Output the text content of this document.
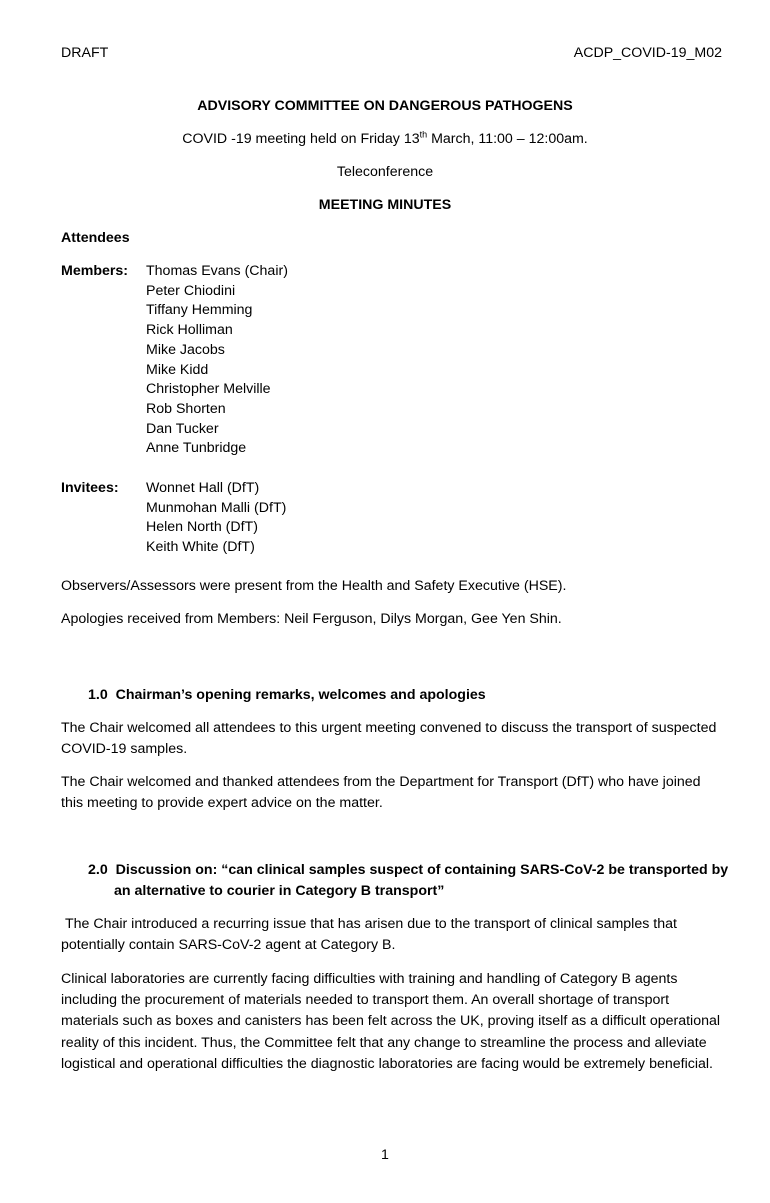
DRAFT	ACDP_COVID-19_M02
ADVISORY COMMITTEE ON DANGEROUS PATHOGENS
COVID -19 meeting held on Friday 13th March, 11:00 – 12:00am.
Teleconference
MEETING MINUTES
Attendees
Members: Thomas Evans (Chair)
Peter Chiodini
Tiffany Hemming
Rick Holliman
Mike Jacobs
Mike Kidd
Christopher Melville
Rob Shorten
Dan Tucker
Anne Tunbridge
Invitees: Wonnet Hall (DfT)
Munmohan Malli (DfT)
Helen North (DfT)
Keith White (DfT)
Observers/Assessors were present from the Health and Safety Executive (HSE).
Apologies received from Members: Neil Ferguson, Dilys Morgan, Gee Yen Shin.
1.0 Chairman’s opening remarks, welcomes and apologies
The Chair welcomed all attendees to this urgent meeting convened to discuss the transport of suspected COVID-19 samples.
The Chair welcomed and thanked attendees from the Department for Transport (DfT) who have joined this meeting to provide expert advice on the matter.
2.0 Discussion on: “can clinical samples suspect of containing SARS-CoV-2 be transported by
an alternative to courier in Category B transport”
The Chair introduced a recurring issue that has arisen due to the transport of clinical samples that potentially contain SARS-CoV-2 agent at Category B.
Clinical laboratories are currently facing difficulties with training and handling of Category B agents including the procurement of materials needed to transport them. An overall shortage of transport materials such as boxes and canisters has been felt across the UK, proving itself as a difficult operational reality of this incident. Thus, the Committee felt that any change to streamline the process and alleviate logistical and operational difficulties the diagnostic laboratories are facing would be extremely beneficial.
1
